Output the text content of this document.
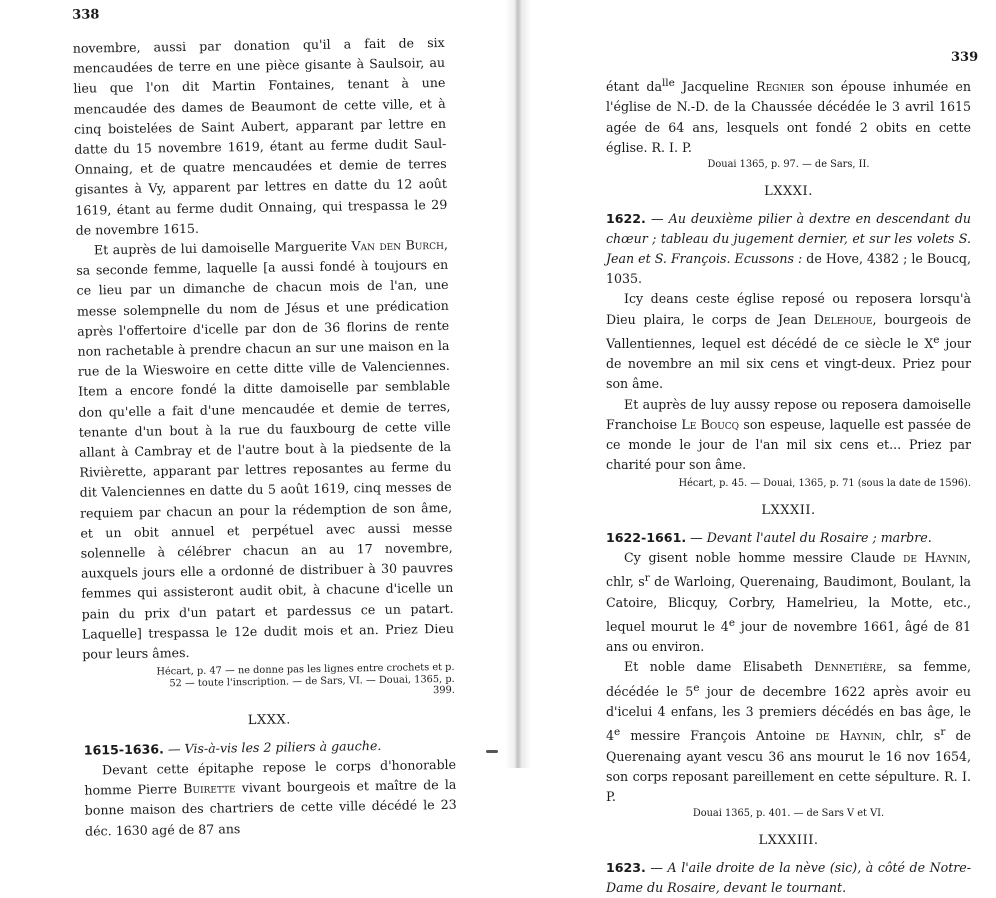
338

novembre, aussi par donation qu'il a fait de six mencaudées de terre en une pièce gisante à Saulsoir, au lieu que l'on dit Martin Fontaines, tenant à une mencaudée des dames de Beaumont de cette ville, et à cinq boistelées de Saint Aubert, apparant par lettre en datte du 15 novembre 1619, étant au ferme dudit Saul-Onnaing, et de quatre mencaudées et demie de terres gisantes à Vy, apparent par lettres en datte du 12 août 1619, étant au ferme dudit Onnaing, qui trespassa le 29 de novembre 1615.

Et auprès de lui damoiselle Marguerite Van den Burch, sa seconde femme, laquelle [a aussi fondé à toujours en ce lieu par un dimanche de chacun mois de l'an, une messe solempnelle du nom de Jésus et une prédication après l'offertoire d'icelle par don de 36 florins de rente non rachetable à prendre chacun an sur une maison en la rue de la Wieswoire en cette ditte ville de Valenciennes. Item a encore fondé la ditte damoiselle par semblable don qu'elle a fait d'une mencaudée et demie de terres, tenante d'un bout à la rue du fauxbourg de cette ville allant à Cambray et de l'autre bout à la piedsente de la Rivièrette, apparant par lettres reposantes au ferme du dit Valenciennes en datte du 5 août 1619, cinq messes de requiem par chacun an pour la rédemption de son âme, et un obit annuel et perpétuel avec aussi messe solennelle à célébrer chacun an au 17 novembre, auxquels jours elle a ordonné de distribuer à 30 pauvres femmes qui assisteront audit obit, à chacune d'icelle un pain du prix d'un patart et pardessus ce un patart. Laquelle] trespassa le 12e dudit mois et an. Priez Dieu pour leurs âmes.

Hécart, p. 47 — ne donne pas les lignes entre crochets et p. 52 — toute l'inscription. — de Sars, VI. — Douai, 1365, p. 399.

LXXX.

1615-1636. — Vis-à-vis les 2 piliers à gauche.

Devant cette épitaphe repose le corps d'honorable homme Pierre Buirette vivant bourgeois et maître de la bonne maison des chartriers de cette ville décédé le 23 déc. 1630 agé de 87 ans

339

étant $da^{lle}$ Jacqueline Regnier son épouse inhumée en l'église de N.-D. de la Chaussée décédée le 3 avril 1615 agée de 64 ans, lesquels ont fondé 2 obits en cette église. R. I. P.

Douai 1365, p. 97. — de Sars, II.

LXXXI.

1622. — Au deuxième pilier à dextre en descendant du chœur ; tableau du jugement dernier, et sur les volets S. Jean et S. François. Ecussons : de Hove, 4382 ; le Boucq, 1035.

Icy deans ceste église reposé ou reposera lorsqu'à Dieu plaira, le corps de Jean Delehoue, bourgeois de Vallentiennes, lequel est décédé de ce siècle le Xe jour de novembre an mil six cens et vingt-deux. Priez pour son âme.

Et auprès de luy aussy repose ou reposera damoiselle Franchoise Le Boucq son espeuse, laquelle est passée de ce monde le jour de l'an mil six cens et... Priez par charité pour son âme.

Hécart, p. 45. — Douai, 1365, p. 71 (sous la date de 1596).

LXXXII.

1622-1661. — Devant l'autel du Rosaire ; marbre.

Cy gisent noble homme messire Claude de Haynin, chlr, $s^r$ de Warloing, Querenaing, Baudimont, Boulant, la Catoire, Blicquy, Corbry, Hamelrieu, la Motte, etc., lequel mourut le 4e jour de novembre 1661, âgé de 81 ans ou environ.

Et noble dame Elisabeth Dennetière, sa femme, décédée le 5e jour de decembre 1622 après avoir eu d'icelui 4 enfans, les 3 premiers décédés en bas âge, le 4e messire François Antoine de Haynin, chlr, $s^r$ de Querenaing ayant vescu 36 ans mourut le 16 nov 1654, son corps reposant pareillement en cette sépulture. R. I. P.

Douai 1365, p. 401. — de Sars V et VI.

LXXXIII.

1623. — A l'aile droite de la nève (sic), à côté de Notre-Dame du Rosaire, devant le tournant.
